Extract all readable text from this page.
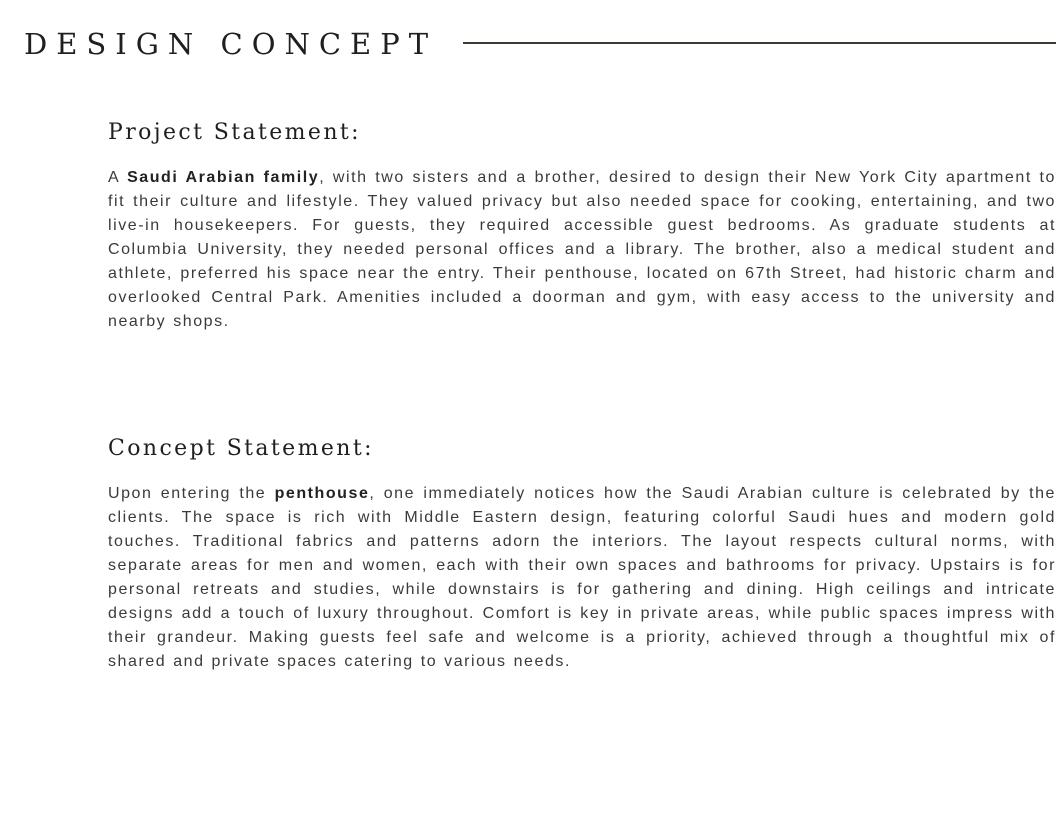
DESIGN CONCEPT
Project Statement:

A Saudi Arabian family, with two sisters and a brother, desired to design their New York City apartment to fit their culture and lifestyle. They valued privacy but also needed space for cooking, entertaining, and two live-in housekeepers. For guests, they required accessible guest bedrooms. As graduate students at Columbia University, they needed personal offices and a library. The brother, also a medical student and athlete, preferred his space near the entry. Their penthouse, located on 67th Street, had historic charm and overlooked Central Park. Amenities included a doorman and gym, with easy access to the university and nearby shops.

Concept Statement:

Upon entering the penthouse, one immediately notices how the Saudi Arabian culture is celebrated by the clients. The space is rich with Middle Eastern design, featuring colorful Saudi hues and modern gold touches. Traditional fabrics and patterns adorn the interiors. The layout respects cultural norms, with separate areas for men and women, each with their own spaces and bathrooms for privacy. Upstairs is for personal retreats and studies, while downstairs is for gathering and dining. High ceilings and intricate designs add a touch of luxury throughout. Comfort is key in private areas, while public spaces impress with their grandeur. Making guests feel safe and welcome is a priority, achieved through a thoughtful mix of shared and private spaces catering to various needs.
